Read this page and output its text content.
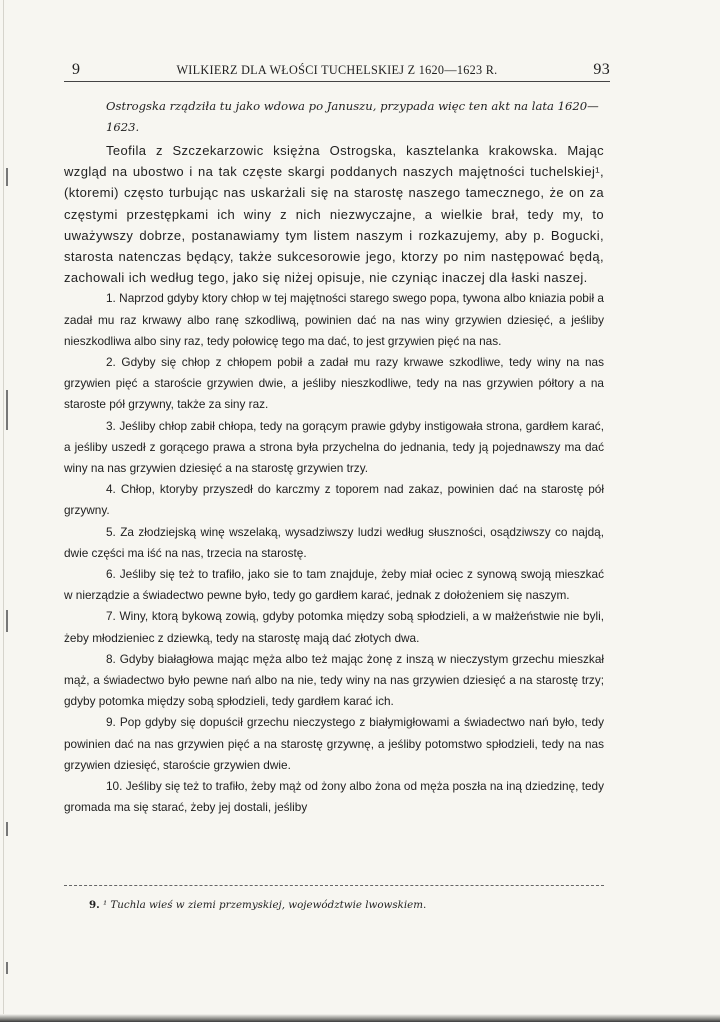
9	WILKIERZ DLA WŁOŚCI TUCHELSKIEJ Z 1620—1623 R.	93
Ostrogska rządziła tu jako wdowa po Januszu, przypada więc ten akt na lata 1620—1623.

Teofila z Szczekarzowic księżna Ostrogska, kasztelanka krakowska. Mając wzgląd na ubostwo i na tak częste skargi poddanych naszych majętności tuchelskiej¹, (ktoremi) często turbując nas uskarżali się na starostę naszego tamecznego, że on za częstymi przestępkami ich winy z nich niezwyczajne, a wielkie brał, tedy my, to uważywszy dobrze, postanawiamy tym listem naszym i rozkazujemy, aby p. Bogucki, starosta natenczas będący, także sukcesorowie jego, ktorzy po nim następować będą, zachowali ich według tego, jako się niżej opisuje, nie czyniąc inaczej dla łaski naszej.

1. Naprzod gdyby ktory chłop w tej majętności starego swego popa, tywona albo kniazia pobił a zadał mu raz krwawy albo ranę szkodliwą, powinien dać na nas winy grzywien dziesięć, a jeśliby nieszkodliwa albo siny raz, tedy połowicę tego ma dać, to jest grzywien pięć na nas.

2. Gdyby się chłop z chłopem pobił a zadał mu razy krwawe szkodliwe, tedy winy na nas grzywien pięć a staroście grzywien dwie, a jeśliby nieszkodliwe, tedy na nas grzywien półtory a na staroste pół grzywny, także za siny raz.

3. Jeśliby chłop zabił chłopa, tedy na gorącym prawie gdyby instigowała strona, gardłem karać, a jeśliby uszedł z gorącego prawa a strona była przychelna do jednania, tedy ją pojednawszy ma dać winy na nas grzywien dziesięć a na starostę grzywien trzy.

4. Chłop, ktoryby przyszedł do karczmy z toporem nad zakaz, powinien dać na starostę pół grzywny.

5. Za złodziejską winę wszelaką, wysadziwszy ludzi według słuszności, osądziwszy co najdą, dwie części ma iść na nas, trzecia na starostę.

6. Jeśliby się też to trafiło, jako sie to tam znajduje, żeby miał ociec z synową swoją mieszkać w nierządzie a świadectwo pewne było, tedy go gardłem karać, jednak z dołożeniem się naszym.

7. Winy, ktorą bykową zowią, gdyby potomka między sobą spłodzieli, a w małżeństwie nie byli, żeby młodzieniec z dziewką, tedy na starostę mają dać złotych dwa.

8. Gdyby białagłowa mając męża albo też mając żonę z inszą w nieczystym grzechu mieszkał mąż, a świadectwo było pewne nań albo na nie, tedy winy na nas grzywien dziesięć a na starostę trzy; gdyby potomka między sobą spłodzieli, tedy gardłem karać ich.

9. Pop gdyby się dopuścił grzechu nieczystego z białymigłowami a świadectwo nań było, tedy powinien dać na nas grzywien pięć a na starostę grzywnę, a jeśliby potomstwo spłodzieli, tedy na nas grzywien dziesięć, staroście grzywien dwie.

10. Jeśliby się też to trafiło, żeby mąż od żony albo żona od męża poszła na iną dziedzinę, tedy gromada ma się starać, żeby jej dostali, jeśliby

9. ¹ Tuchla wieś w ziemi przemyskiej, województwie lwowskiem.
